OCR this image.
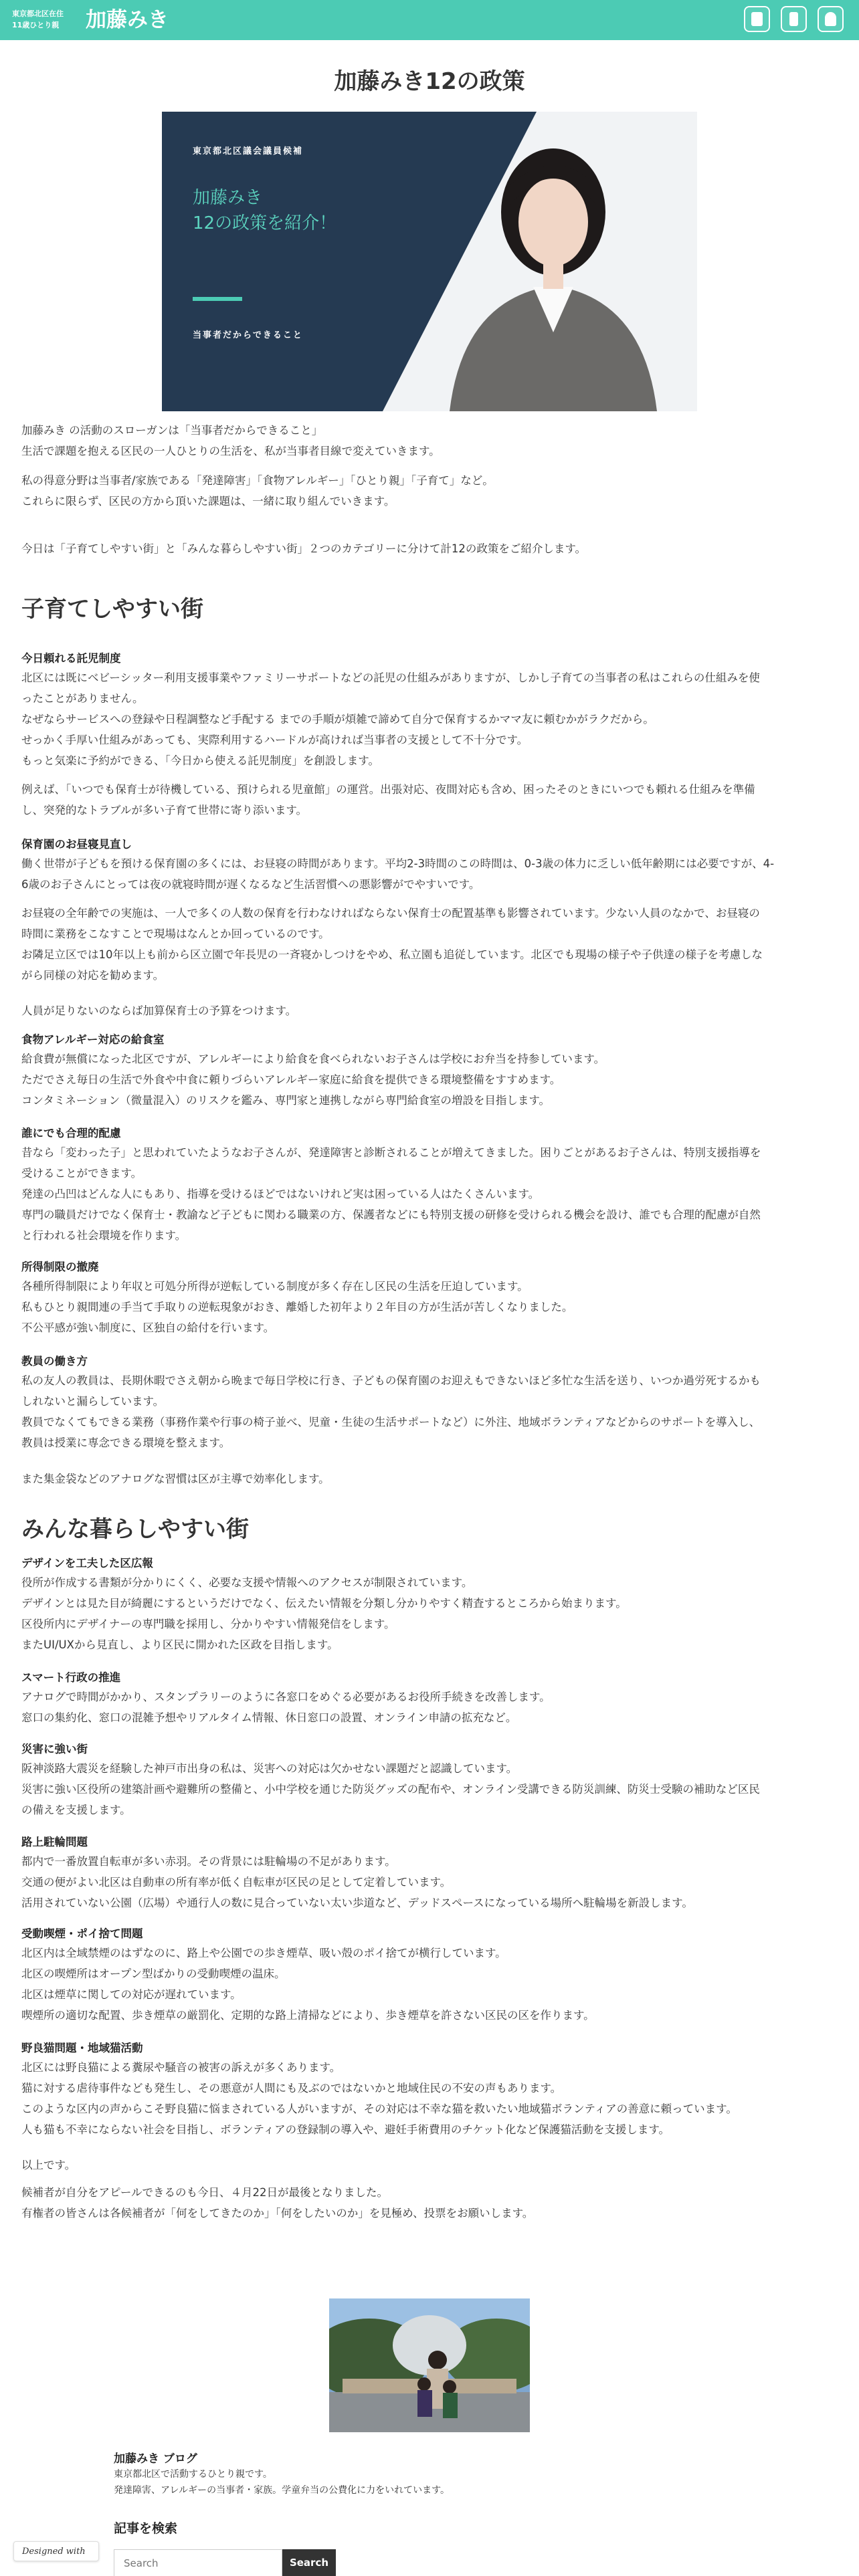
東京都北区在住
11歳ひとり親 加藤みき
加藤みき12の政策
東京都北区議会議員候補
加藤みき
12の政策を紹介！
当事者だからできること

加藤みき の活動のスローガンは「当事者だからできること」
生活で課題を抱える区民の一人ひとりの生活を、私が当事者目線で変えていきます。

私の得意分野は当事者/家族である「発達障害」「食物アレルギー」「ひとり親」「子育て」など。
これらに限らず、区民の方から頂いた課題は、一緒に取り組んでいきます。

今日は「子育てしやすい街」と「みんな暮らしやすい街」２つのカテゴリーに分けて計12の政策をご紹介します。

子育てしやすい街
今日頼れる託児制度

北区には既にベビーシッター利用支援事業やファミリーサポートなどの託児の仕組みがありますが、しかし子育ての当事者の私はこれらの仕組みを使
ったことがありません。
なぜならサービスへの登録や日程調整など手配する までの手順が煩雑で諦めて自分で保育するかママ友に頼むかがラクだから。
せっかく手厚い仕組みがあっても、実際利用するハードルが高ければ当事者の支援として不十分です。
もっと気楽に予約ができる、「今日から使える託児制度」を創設します。

例えば、「いつでも保育士が待機している、預けられる児童館」の運営。出張対応、夜間対応も含め、困ったそのときにいつでも頼れる仕組みを準備
し、突発的なトラブルが多い子育て世帯に寄り添います。

保育園のお昼寝見直し

働く世帯が子どもを預ける保育園の多くには、お昼寝の時間があります。平均2-3時間のこの時間は、0-3歳の体力に乏しい低年齢期には必要ですが、4-
6歳のお子さんにとっては夜の就寝時間が遅くなるなど生活習慣への悪影響がでやすいです。

お昼寝の全年齢での実施は、一人で多くの人数の保育を行わなければならない保育士の配置基準も影響されています。少ない人員のなかで、お昼寝の
時間に業務をこなすことで現場はなんとか回っているのです。
お隣足立区では10年以上も前から区立園で年長児の一斉寝かしつけをやめ、私立園も追従しています。北区でも現場の様子や子供達の様子を考慮しな
がら同様の対応を勧めます。

人員が足りないのならば加算保育士の予算をつけます。

食物アレルギー対応の給食室

給食費が無償になった北区ですが、アレルギーにより給食を食べられないお子さんは学校にお弁当を持参しています。
ただでさえ毎日の生活で外食や中食に頼りづらいアレルギー家庭に給食を提供できる環境整備をすすめます。
コンタミネーション（微量混入）のリスクを鑑み、専門家と連携しながら専門給食室の増設を目指します。

誰にでも合理的配慮

昔なら「変わった子」と思われていたようなお子さんが、発達障害と診断されることが増えてきました。困りごとがあるお子さんは、特別支援指導を
受けることができます。
発達の凸凹はどんな人にもあり、指導を受けるほどではないけれど実は困っている人はたくさんいます。
専門の職員だけでなく保育士・教諭など子どもに関わる職業の方、保護者などにも特別支援の研修を受けられる機会を設け、誰でも合理的配慮が自然
と行われる社会環境を作ります。

所得制限の撤廃

各種所得制限により年収と可処分所得が逆転している制度が多く存在し区民の生活を圧迫しています。
私もひとり親間連の手当て手取りの逆転現象がおき、離婚した初年より２年目の方が生活が苦しくなりました。
不公平感が強い制度に、区独自の給付を行います。

教員の働き方

私の友人の教員は、長期休暇でさえ朝から晩まで毎日学校に行き、子どもの保育園のお迎えもできないほど多忙な生活を送り、いつか過労死するかも
しれないと漏らしています。
教員でなくてもできる業務（事務作業や行事の椅子並べ、児童・生徒の生活サポートなど）に外注、地域ボランティアなどからのサポートを導入し、
教員は授業に専念できる環境を整えます。

また集金袋などのアナログな習慣は区が主導で効率化します。

みんな暮らしやすい街
デザインを工夫した区広報

役所が作成する書類が分かりにくく、必要な支援や情報へのアクセスが制限されています。
デザインとは見た目が綺麗にするというだけでなく、伝えたい情報を分類し分かりやすく精査するところから始まります。
区役所内にデザイナーの専門職を採用し、分かりやすい情報発信をします。
またUI/UXから見直し、より区民に開かれた区政を目指します。

スマート行政の推進

アナログで時間がかかり、スタンプラリーのように各窓口をめぐる必要があるお役所手続きを改善します。
窓口の集約化、窓口の混雑予想やリアルタイム情報、休日窓口の設置、オンライン申請の拡充など。

災害に強い街

阪神淡路大震災を経験した神戸市出身の私は、災害への対応は欠かせない課題だと認識しています。
災害に強い区役所の建築計画や避難所の整備と、小中学校を通じた防災グッズの配布や、オンライン受講できる防災訓練、防災士受験の補助など区民
の備えを支援します。

路上駐輪問題

都内で一番放置自転車が多い赤羽。その背景には駐輪場の不足があります。
交通の便がよい北区は自動車の所有率が低く自転車が区民の足として定着しています。
活用されていない公園（広場）や通行人の数に見合っていない太い歩道など、デッドスペースになっている場所へ駐輪場を新設します。

受動喫煙・ポイ捨て問題

北区内は全域禁煙のはずなのに、路上や公園での歩き煙草、吸い殻のポイ捨てが横行しています。
北区の喫煙所はオープン型ばかりの受動喫煙の温床。
北区は煙草に関しての対応が遅れています。
喫煙所の適切な配置、歩き煙草の厳罰化、定期的な路上清掃などにより、歩き煙草を許さない区民の区を作ります。

野良猫問題・地域猫活動

北区には野良猫による糞尿や騒音の被害の訴えが多くあります。
猫に対する虐待事件なども発生し、その悪意が人間にも及ぶのではないかと地域住民の不安の声もあります。
このような区内の声からこそ野良猫に悩まされている人がいますが、その対応は不幸な猫を救いたい地域猫ボランティアの善意に頼っています。
人も猫も不幸にならない社会を目指し、ボランティアの登録制の導入や、避妊手術費用のチケット化など保護猫活動を支援します。

以上です。

候補者が自分をアピールできるのも今日、４月22日が最後となりました。
有権者の皆さんは各候補者が「何をしてきたのか」「何をしたいのか」を見極め、投票をお願いします。

加藤みき ブログ
東京都北区で活動するひとり親です。
発達障害、アレルギーの当事者・家族。学童弁当の公費化に力をいれています。
記事を検索
Search
Search
Designed with
